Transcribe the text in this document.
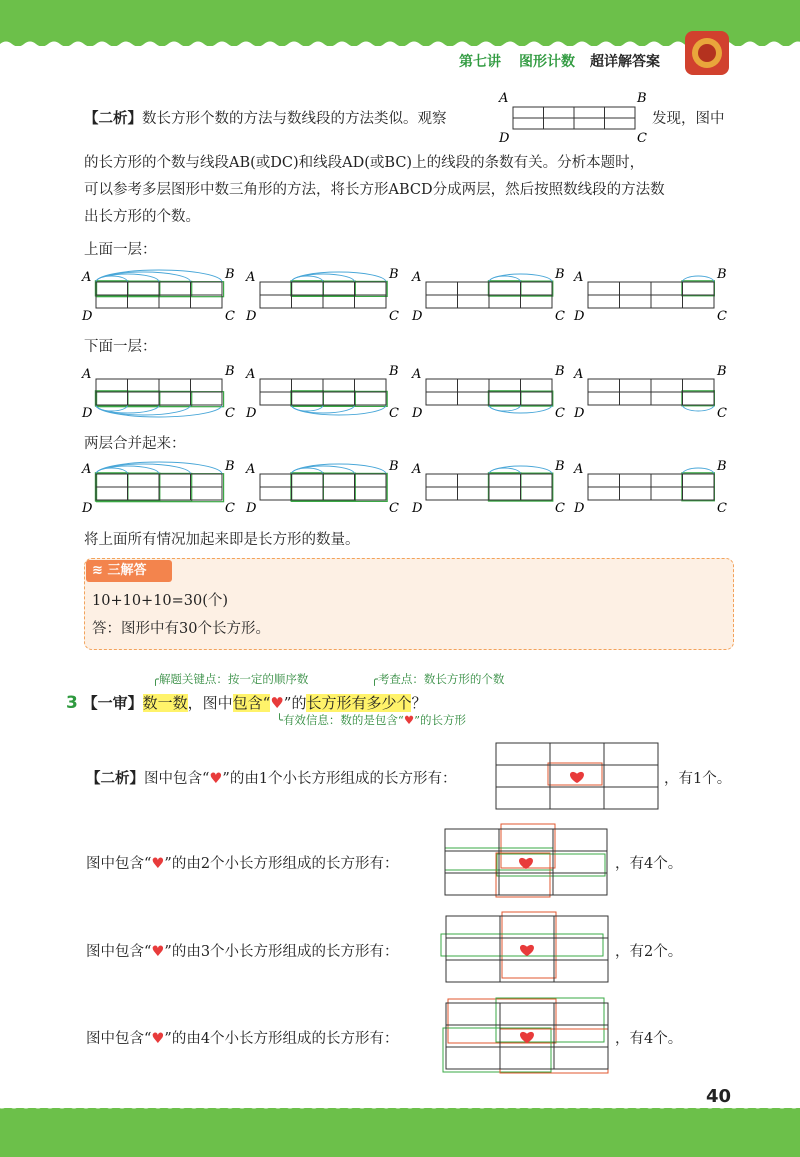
第七讲 图形计数 超详解答案
【二析】数长方形个数的方法与数线段的方法类似。观察
A	B
D	C
发现，图中
的长方形的个数与线段AB(或DC)和线段AD(或BC)上的线段的条数有关。分析本题时，
可以参考多层图形中数三角形的方法，将长方形ABCD分成两层，然后按照数线段的方法数
出长方形的个数。
上面一层：
下面一层：
两层合并起来：
A	B
D	C
A	B
D	C
A	B
D	C
A	B
D	C
A	B
D	C
A	B
D	C
A	B
D	C
A	B
D	C
A	B
D	C
A	B
D	C
A	B
D	C
A	B
D	C
将上面所有情况加起来即是长方形的数量。
≋ 三解答
10+10+10=30(个)
答：图形中有30个长方形。
╭解题关键点：按一定的顺序数	╭考查点：数长方形的个数
3 【一审】数一数，图中包含“♥”的长方形有多少个？
╰有效信息：数的是包含“♥”的长方形
【二析】图中包含“♥”的由1个小长方形组成的长方形有：	，有1个。
图中包含“♥”的由2个小长方形组成的长方形有：	，有4个。
图中包含“♥”的由3个小长方形组成的长方形有：	，有2个。
图中包含“♥”的由4个小长方形组成的长方形有：	，有4个。
40
